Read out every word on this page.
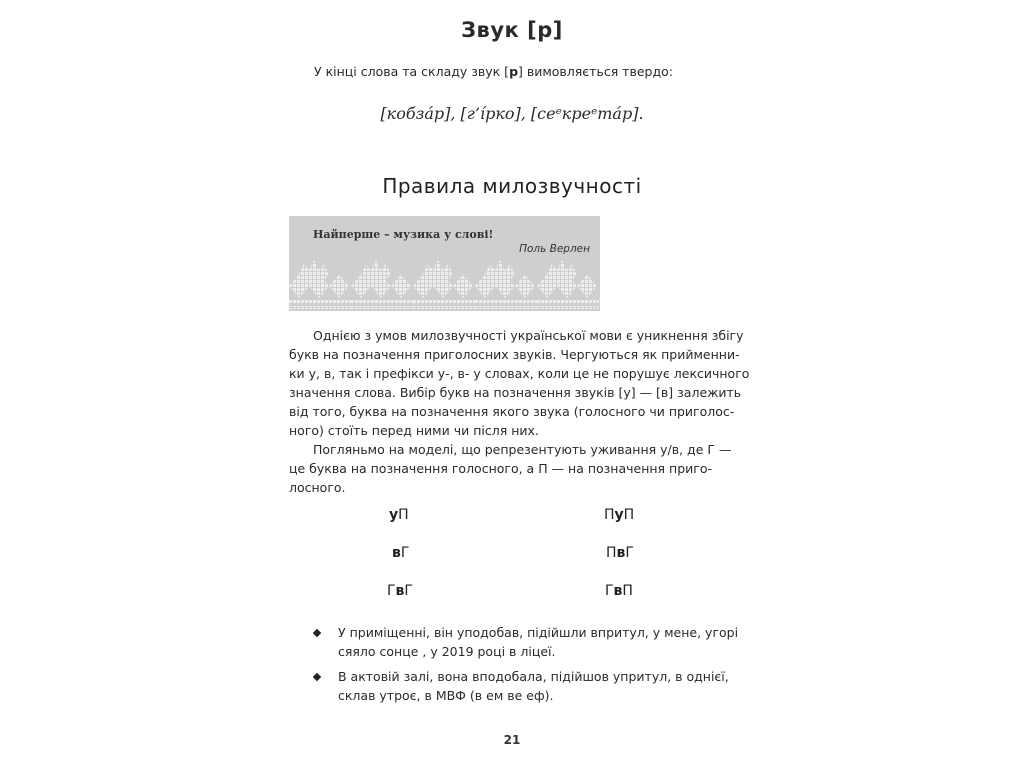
Звук [р]
У кінці слова та складу звук [р] вимовляється твердо:
[кобза́р], [г’і́рко], [сеᵉкреᵉта́р].
Правила милозвучності
Найперше – музика у слові!
Поль Верлен
Однією з умов милозвучності української мови є уникнення збігу
букв на позначення приголосних звуків. Чергуються як прийменни-
ки у, в, так і префікси у-, в- у словах, коли це не порушує лексичного
значення слова. Вибір букв на позначення звуків [у] — [в] залежить
від того, буква на позначення якого звука (голосного чи приголос-
ного) стоїть перед ними чи після них.
Погляньмо на моделі, що репрезентують уживання у/в, де Г —
це буква на позначення голосного, а П — на позначення приго-
лосного.
уП
вГ
ГвГ
ПуП
ПвГ
ГвП
У приміщенні, він уподобав, підійшли впритул, у мене, угорі
сяяло сонце , у 2019 році в ліцеї.
В актовій залі, вона вподобала, підійшов упритул, в однієї,
склав утроє, в МВФ (в ем ве еф).
21
